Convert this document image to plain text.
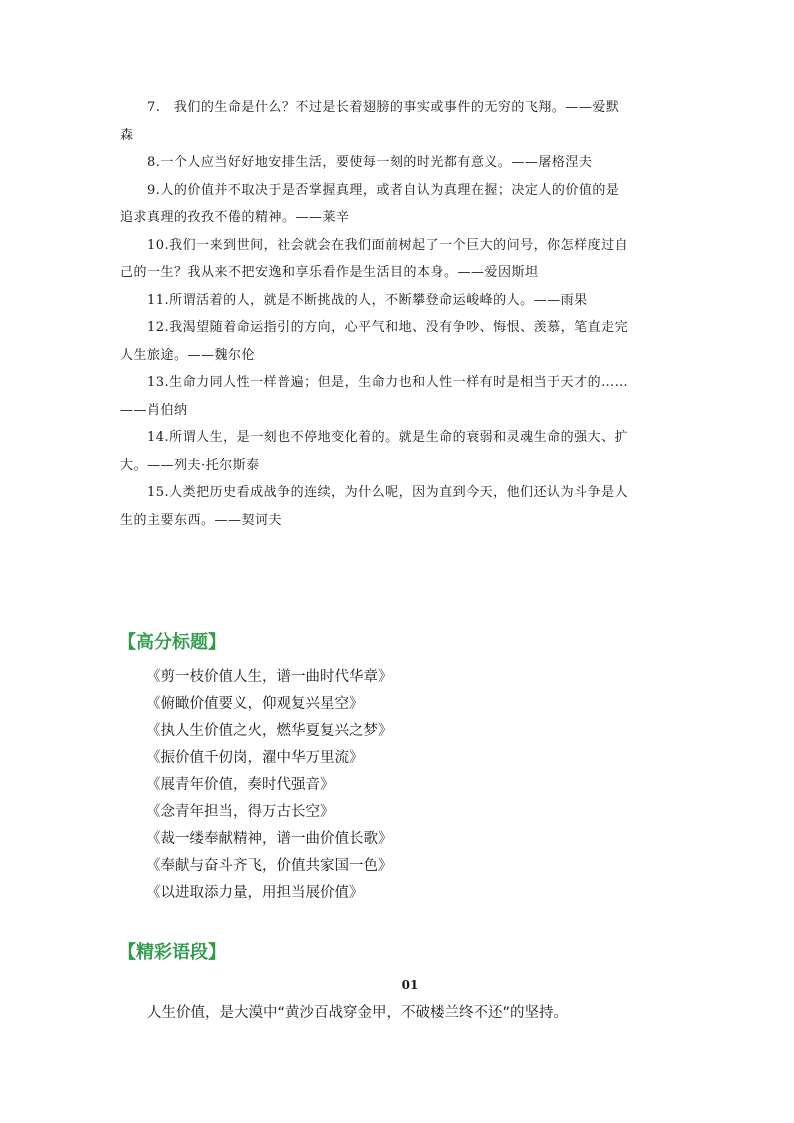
7.　我们的生命是什么？不过是长着翅膀的事实或事件的无穷的飞翔。——爱默
森
8.一个人应当好好地安排生活，要使每一刻的时光都有意义。——屠格涅夫
9.人的价值并不取决于是否掌握真理，或者自认为真理在握；决定人的价值的是
追求真理的孜孜不倦的精神。——莱辛
10.我们一来到世间，社会就会在我们面前树起了一个巨大的问号，你怎样度过自
己的一生？我从来不把安逸和享乐看作是生活目的本身。——爱因斯坦
11.所谓活着的人，就是不断挑战的人，不断攀登命运峻峰的人。——雨果
12.我渴望随着命运指引的方向，心平气和地、没有争吵、悔恨、羡慕，笔直走完
人生旅途。——魏尔伦
13.生命力同人性一样普遍；但是，生命力也和人性一样有时是相当于天才的……
——肖伯纳
14.所谓人生，是一刻也不停地变化着的。就是生命的衰弱和灵魂生命的强大、扩
大。——列夫·托尔斯泰
15.人类把历史看成战争的连续，为什么呢，因为直到今天，他们还认为斗争是人
生的主要东西。——契诃夫
【高分标题】
《剪一枝价值人生，谱一曲时代华章》
《俯瞰价值要义，仰观复兴星空》
《执人生价值之火，燃华夏复兴之梦》
《振价值千仞岗，濯中华万里流》
《展青年价值，奏时代强音》
《念青年担当，得万古长空》
《裁一缕奉献精神，谱一曲价值长歌》
《奉献与奋斗齐飞，价值共家国一色》
《以进取添力量，用担当展价值》
【精彩语段】
01
人生价值，是大漠中“黄沙百战穿金甲，不破楼兰终不还”的坚持。
